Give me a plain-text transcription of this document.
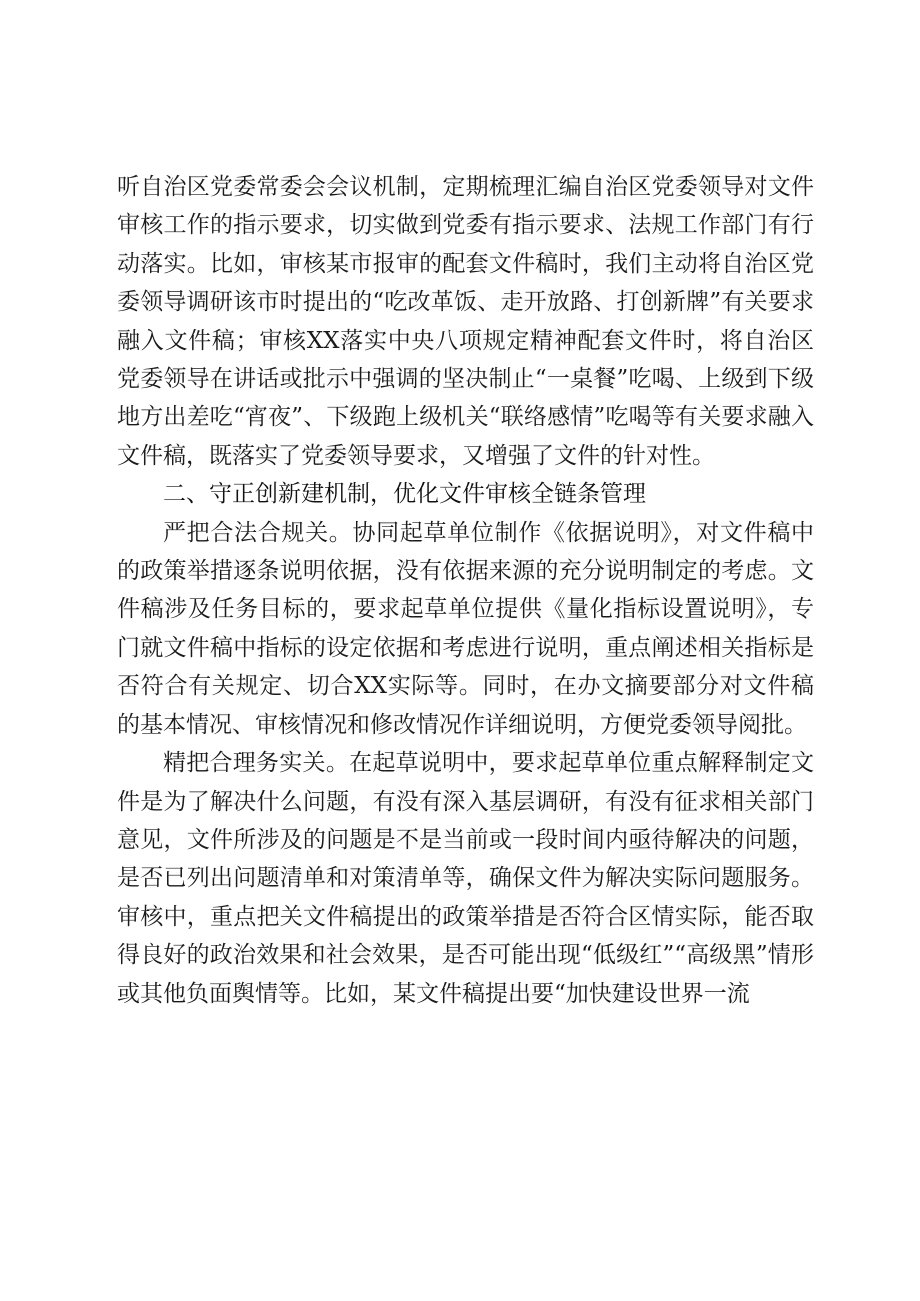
听自治区党委常委会会议机制，定期梳理汇编自治区党委领导对文件审核工作的指示要求，切实做到党委有指示要求、法规工作部门有行动落实。比如，审核某市报审的配套文件稿时，我们主动将自治区党委领导调研该市时提出的“吃改革饭、走开放路、打创新牌”有关要求融入文件稿；审核XX落实中央八项规定精神配套文件时，将自治区党委领导在讲话或批示中强调的坚决制止“一桌餐”吃喝、上级到下级地方出差吃“宵夜”、下级跑上级机关“联络感情”吃喝等有关要求融入文件稿，既落实了党委领导要求，又增强了文件的针对性。

二、守正创新建机制，优化文件审核全链条管理

严把合法合规关。协同起草单位制作《依据说明》，对文件稿中的政策举措逐条说明依据，没有依据来源的充分说明制定的考虑。文件稿涉及任务目标的，要求起草单位提供《量化指标设置说明》，专门就文件稿中指标的设定依据和考虑进行说明，重点阐述相关指标是否符合有关规定、切合XX实际等。同时，在办文摘要部分对文件稿的基本情况、审核情况和修改情况作详细说明，方便党委领导阅批。

精把合理务实关。在起草说明中，要求起草单位重点解释制定文件是为了解决什么问题，有没有深入基层调研，有没有征求相关部门意见，文件所涉及的问题是不是当前或一段时间内亟待解决的问题，是否已列出问题清单和对策清单等，确保文件为解决实际问题服务。审核中，重点把关文件稿提出的政策举措是否符合区情实际，能否取得良好的政治效果和社会效果，是否可能出现“低级红”“高级黑”情形或其他负面舆情等。比如，某文件稿提出要“加快建设世界一流
